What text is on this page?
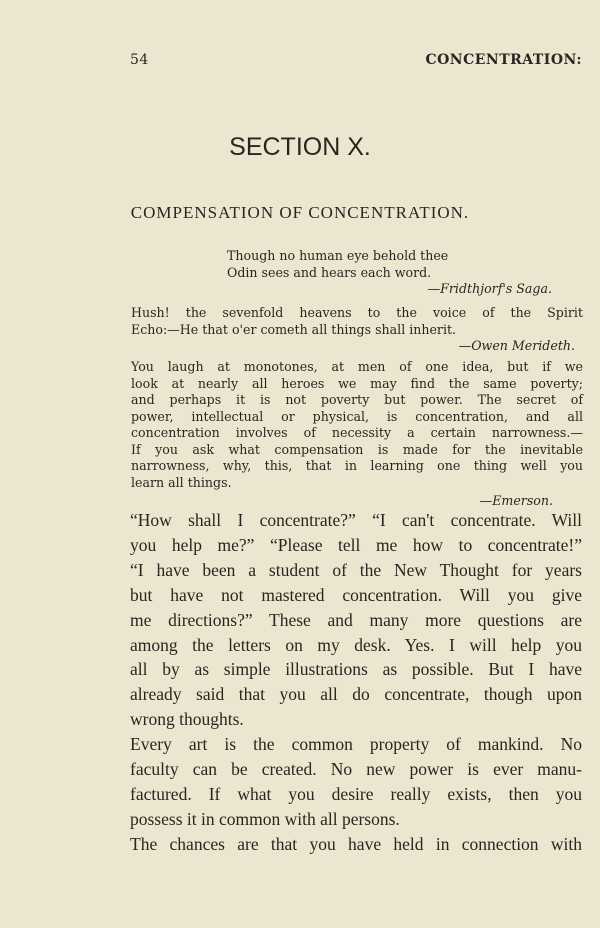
54	CONCENTRATION:
SECTION X.
COMPENSATION OF CONCENTRATION.
Though no human eye behold thee
Odin sees and hears each word.
—Fridthjorf's Saga.
Hush! the sevenfold heavens to the voice of the Spirit
Echo:—He that o'er cometh all things shall inherit.
—Owen Merideth.
You laugh at monotones, at men of one idea, but if we
look at nearly all heroes we may find the same poverty;
and perhaps it is not poverty but power. The secret of
power, intellectual or physical, is concentration, and all
concentration involves of necessity a certain narrowness.—
If you ask what compensation is made for the inevitable
narrowness, why, this, that in learning one thing well you
learn all things.
—Emerson.
“How shall I concentrate?” “I can't concentrate. Will
you help me?” “Please tell me how to concentrate!”
“I have been a student of the New Thought for years
but have not mastered concentration. Will you give
me directions?” These and many more questions are
among the letters on my desk. Yes. I will help you
all by as simple illustrations as possible. But I have
already said that you all do concentrate, though upon
wrong thoughts.
Every art is the common property of mankind. No
faculty can be created. No new power is ever manu-
factured. If what you desire really exists, then you
possess it in common with all persons.
The chances are that you have held in connection with
